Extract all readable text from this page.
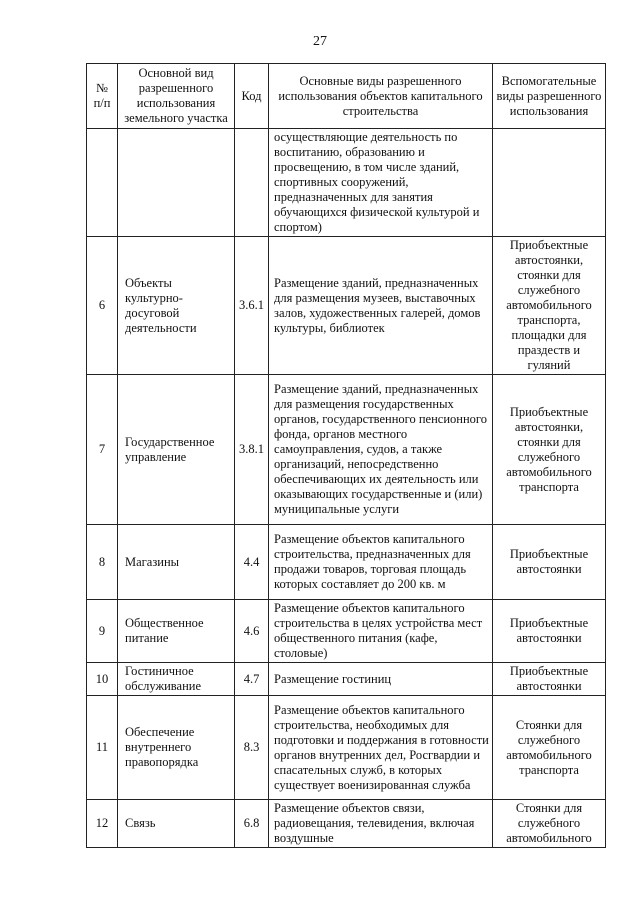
27
№ п/п	Основной вид разрешенного использования земельного участка	Код	Основные виды разрешенного использования объектов капитального строительства	Вспомогательные виды разрешенного использования
			осуществляющие деятельность по воспитанию, образованию и просвещению, в том числе зданий, спортивных сооружений, предназначенных для занятия обучающихся физической культурой и спортом)	
6	Объекты культурно-досуговой деятельности	3.6.1	Размещение зданий, предназначенных для размещения музеев, выставочных залов, художественных галерей, домов культуры, библиотек	Приобъектные автостоянки, стоянки для служебного автомобильного транспорта, площадки для праздеств и гуляний
7	Государственное управление	3.8.1	Размещение зданий, предназначенных для размещения государственных органов, государственного пенсионного фонда, органов местного самоуправления, судов, а также организаций, непосредственно обеспечивающих их деятельность или оказывающих государственные и (или) муниципальные услуги	Приобъектные автостоянки, стоянки для служебного автомобильного транспорта
8	Магазины	4.4	Размещение объектов капитального строительства, предназначенных для продажи товаров, торговая площадь которых составляет до 200 кв. м	Приобъектные автостоянки
9	Общественное питание	4.6	Размещение объектов капитального строительства в целях устройства мест общественного питания (кафе, столовые)	Приобъектные автостоянки
10	Гостиничное обслуживание	4.7	Размещение гостиниц	Приобъектные автостоянки
11	Обеспечение внутреннего правопорядка	8.3	Размещение объектов капитального строительства, необходимых для подготовки и поддержания в готовности органов внутренних дел, Росгвардии и спасательных служб, в которых существует военизированная служба	Стоянки для служебного автомобильного транспорта
12	Связь	6.8	Размещение объектов связи, радиовещания, телевидения, включая воздушные	Стоянки для служебного автомобильного
